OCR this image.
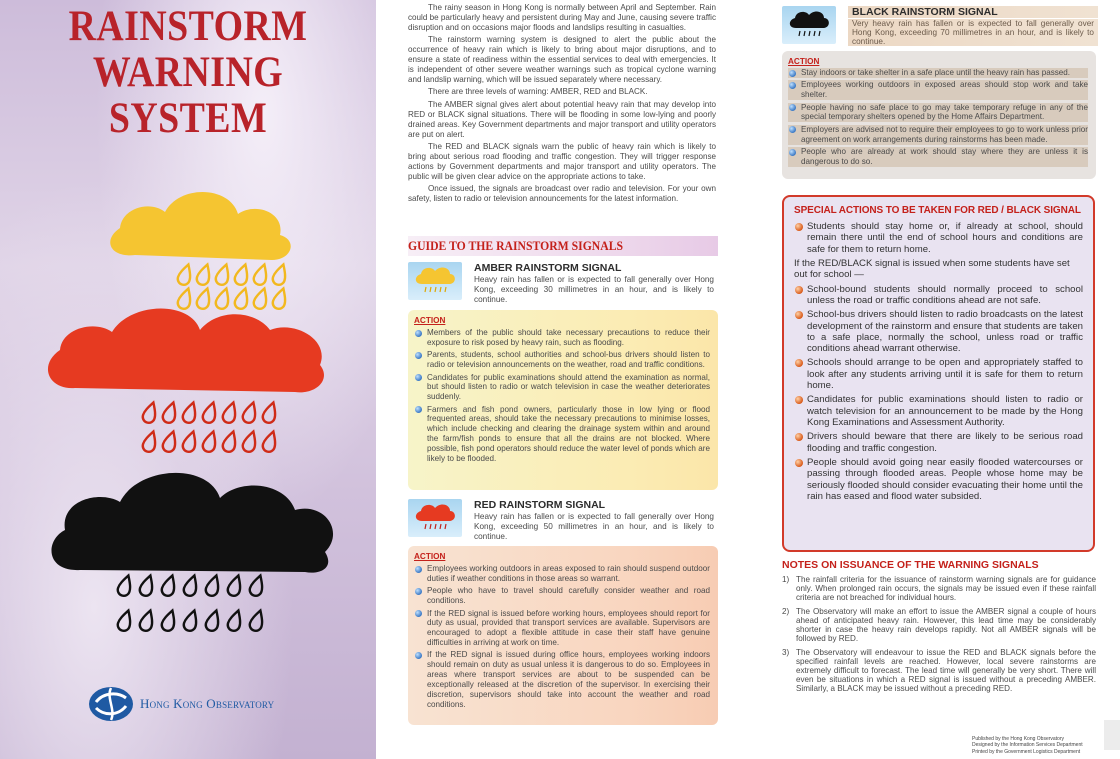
RAINSTORM
WARNING SYSTEM
Hong Kong Observatory

The rainy season in Hong Kong is normally between April and September. Rain could be particularly heavy and persistent during May and June, causing severe traffic disruption and on occasions major floods and landslips resulting in casualties.

The rainstorm warning system is designed to alert the public about the occurrence of heavy rain which is likely to bring about major disruptions, and to ensure a state of readiness within the essential services to deal with emergencies. It is independent of other severe weather warnings such as tropical cyclone warning and landslip warning, which will be issued separately where necessary.

There are three levels of warning: AMBER, RED and BLACK.

The AMBER signal gives alert about potential heavy rain that may develop into RED or BLACK signal situations. There will be flooding in some low-lying and poorly drained areas. Key Government departments and major transport and utility operators are put on alert.

The RED and BLACK signals warn the public of heavy rain which is likely to bring about serious road flooding and traffic congestion. They will trigger response actions by Government departments and major transport and utility operators. The public will be given clear advice on the appropriate actions to take.

Once issued, the signals are broadcast over radio and television. For your own safety, listen to radio or television announcements for the latest information.

GUIDE TO THE RAINSTORM SIGNALS
AMBER RAINSTORM SIGNAL
Heavy rain has fallen or is expected to fall generally over Hong Kong, exceeding 30 millimetres in an hour, and is likely to continue.
ACTION
Members of the public should take necessary precautions to reduce their exposure to risk posed by heavy rain, such as flooding.
Parents, students, school authorities and school-bus drivers should listen to radio or television announcements on the weather, road and traffic conditions.
Candidates for public examinations should attend the examination as normal, but should listen to radio or watch television in case the weather deteriorates suddenly.
Farmers and fish pond owners, particularly those in low lying or flood frequented areas, should take the necessary precautions to minimise losses, which include checking and clearing the drainage system within and around the farm/fish ponds to ensure that all the drains are not blocked. Where possible, fish pond operators should reduce the water level of ponds which are likely to be flooded.
RED RAINSTORM SIGNAL
Heavy rain has fallen or is expected to fall generally over Hong Kong, exceeding 50 millimetres in an hour, and is likely to continue.
ACTION
Employees working outdoors in areas exposed to rain should suspend outdoor duties if weather conditions in those areas so warrant.
People who have to travel should carefully consider weather and road conditions.
If the RED signal is issued before working hours, employees should report for duty as usual, provided that transport services are available. Supervisors are encouraged to adopt a flexible attitude in case their staff have genuine difficulties in arriving at work on time.
If the RED signal is issued during office hours, employees working indoors should remain on duty as usual unless it is dangerous to do so. Employees in areas where transport services are about to be suspended can be exceptionally released at the discretion of the supervisor. In exercising their discretion, supervisors should take into account the weather and road conditions.
BLACK RAINSTORM SIGNAL
Very heavy rain has fallen or is expected to fall generally over Hong Kong, exceeding 70 millimetres in an hour, and is likely to continue.
ACTION
Stay indoors or take shelter in a safe place until the heavy rain has passed.
Employees working outdoors in exposed areas should stop work and take shelter.
People having no safe place to go may take temporary refuge in any of the special temporary shelters opened by the Home Affairs Department.
Employers are advised not to require their employees to go to work unless prior agreement on work arrangements during rainstorms has been made.
People who are already at work should stay where they are unless it is dangerous to do so.
SPECIAL ACTIONS TO BE TAKEN FOR RED / BLACK SIGNAL
Students should stay home or, if already at school, should remain there until the end of school hours and conditions are safe for them to return home.
If the RED/BLACK signal is issued when some students have set out for school —
School-bound students should normally proceed to school unless the road or traffic conditions ahead are not safe.
School-bus drivers should listen to radio broadcasts on the latest development of the rainstorm and ensure that students are taken to a safe place, normally the school, unless road or traffic conditions ahead warrant otherwise.
Schools should arrange to be open and appropriately staffed to look after any students arriving until it is safe for them to return home.
Candidates for public examinations should listen to radio or watch television for an announcement to be made by the Hong Kong Examinations and Assessment Authority.
Drivers should beware that there are likely to be serious road flooding and traffic congestion.
People should avoid going near easily flooded watercourses or passing through flooded areas. People whose home may be seriously flooded should consider evacuating their home until the rain has eased and flood water subsided.
NOTES ON ISSUANCE OF THE WARNING SIGNALS
1) The rainfall criteria for the issuance of rainstorm warning signals are for guidance only. When prolonged rain occurs, the signals may be issued even if these rainfall criteria are not breached for individual hours.
2) The Observatory will make an effort to issue the AMBER signal a couple of hours ahead of anticipated heavy rain. However, this lead time may be considerably shorter in case the heavy rain develops rapidly. Not all AMBER signals will be followed by RED.
3) The Observatory will endeavour to issue the RED and BLACK signals before the specified rainfall levels are reached. However, local severe rainstorms are extremely difficult to forecast. The lead time will generally be very short. There will even be situations in which a RED signal is issued without a preceding AMBER. Similarly, a BLACK may be issued without a preceding RED.
Published by the Hong Kong Observatory
Designed by the Information Services Department
Printed by the Government Logistics Department
